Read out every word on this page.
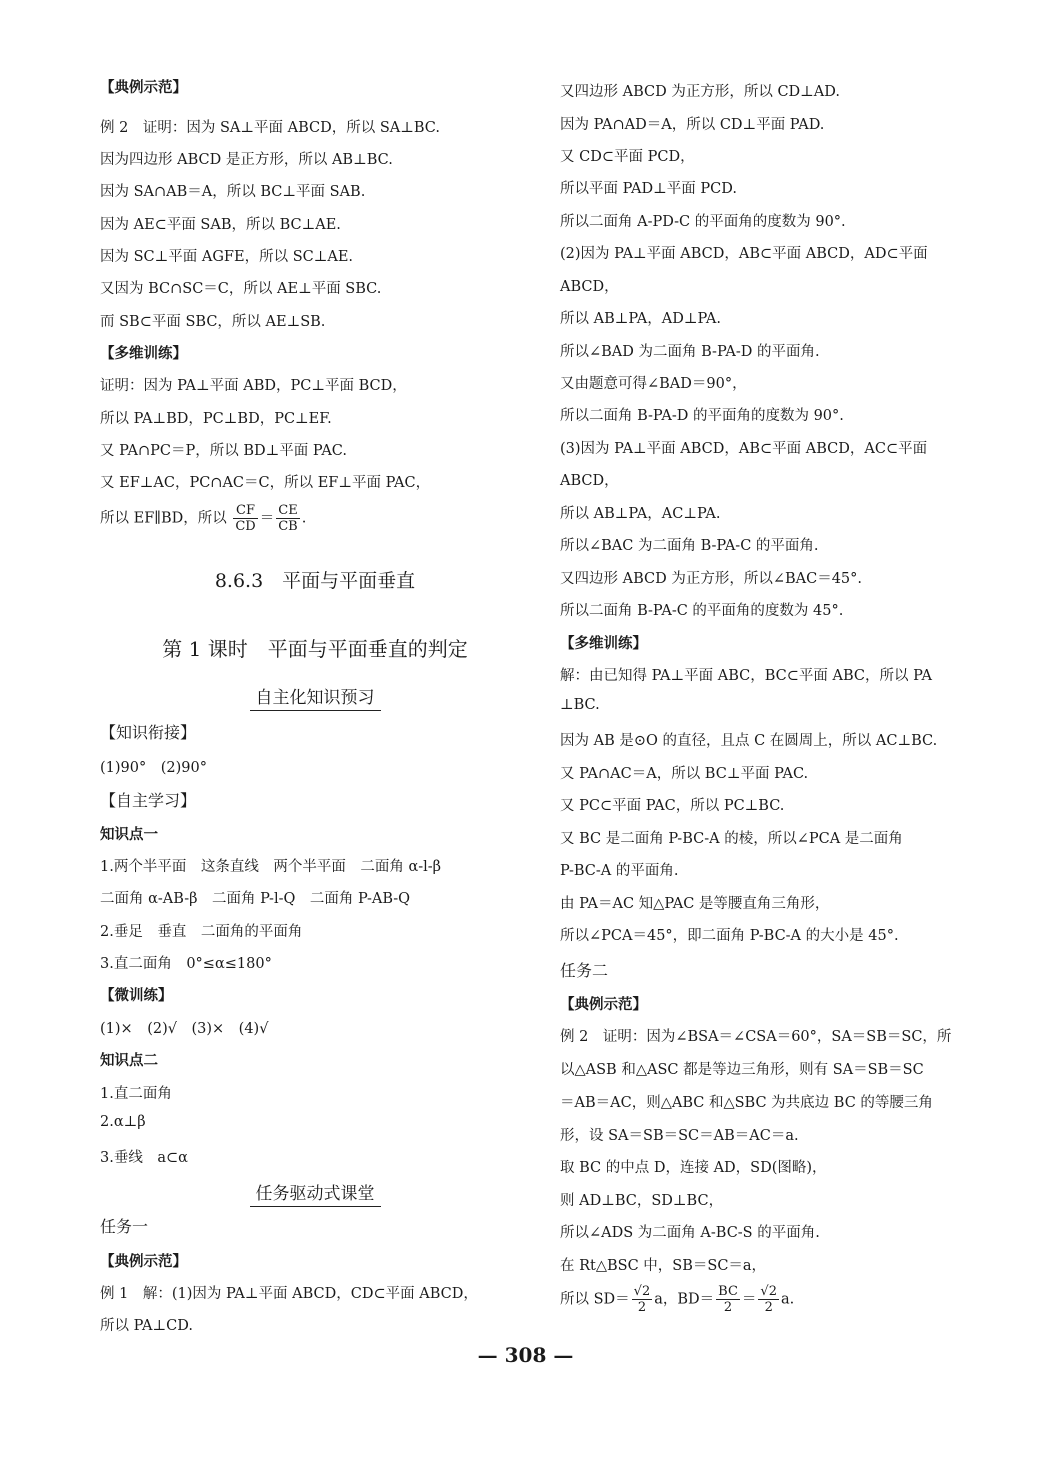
【典例示范】
例 2　证明：因为 SA⊥平面 ABCD，所以 SA⊥BC.
因为四边形 ABCD 是正方形，所以 AB⊥BC.
因为 SA∩AB＝A，所以 BC⊥平面 SAB.
因为 AE⊂平面 SAB，所以 BC⊥AE.
因为 SC⊥平面 AGFE，所以 SC⊥AE.
又因为 BC∩SC＝C，所以 AE⊥平面 SBC.
而 SB⊂平面 SBC，所以 AE⊥SB.
【多维训练】
证明：因为 PA⊥平面 ABD，PC⊥平面 BCD，
所以 PA⊥BD，PC⊥BD，PC⊥EF.
又 PA∩PC＝P，所以 BD⊥平面 PAC.
又 EF⊥AC，PC∩AC＝C，所以 EF⊥平面 PAC，
所以 EF∥BD，所以 $\frac{CF}{CD} = \frac{CE}{CB}$ .
8.6.3　平面与平面垂直
第 1 课时　平面与平面垂直的判定
自主化知识预习
【知识衔接】
(1)90°　(2)90°
【自主学习】
知识点一
1.两个半平面　这条直线　两个半平面　二面角 α-l-β
二面角 α-AB-β　二面角 P-l-Q　二面角 P-AB-Q
2.垂足　垂直　二面角的平面角
3.直二面角　0°≤α≤180°
【微训练】
(1)×　(2)√　(3)×　(4)√
知识点二
1.直二面角
2.α⊥β
3.垂线　a⊂α
任务驱动式课堂
任务一
【典例示范】
例 1　解：(1)因为 PA⊥平面 ABCD，CD⊂平面 ABCD，
所以 PA⊥CD.
又四边形 ABCD 为正方形，所以 CD⊥AD.
因为 PA∩AD＝A，所以 CD⊥平面 PAD.
又 CD⊂平面 PCD，
所以平面 PAD⊥平面 PCD.
所以二面角 A-PD-C 的平面角的度数为 90°.
(2)因为 PA⊥平面 ABCD，AB⊂平面 ABCD，AD⊂平面
ABCD，
所以 AB⊥PA，AD⊥PA.
所以∠BAD 为二面角 B-PA-D 的平面角.
又由题意可得∠BAD＝90°，
所以二面角 B-PA-D 的平面角的度数为 90°.
(3)因为 PA⊥平面 ABCD，AB⊂平面 ABCD，AC⊂平面
ABCD，
所以 AB⊥PA，AC⊥PA.
所以∠BAC 为二面角 B-PA-C 的平面角.
又四边形 ABCD 为正方形，所以∠BAC＝45°.
所以二面角 B-PA-C 的平面角的度数为 45°.
【多维训练】
解：由已知得 PA⊥平面 ABC，BC⊂平面 ABC，所以 PA
⊥BC.
因为 AB 是⊙O 的直径，且点 C 在圆周上，所以 AC⊥BC.
又 PA∩AC＝A，所以 BC⊥平面 PAC.
又 PC⊂平面 PAC，所以 PC⊥BC.
又 BC 是二面角 P-BC-A 的棱，所以∠PCA 是二面角
P-BC-A 的平面角.
由 PA＝AC 知△PAC 是等腰直角三角形，
所以∠PCA＝45°，即二面角 P-BC-A 的大小是 45°.
任务二
【典例示范】
例 2　证明：因为∠BSA＝∠CSA＝60°，SA＝SB＝SC，所
以△ASB 和△ASC 都是等边三角形，则有 SA＝SB＝SC
＝AB＝AC，则△ABC 和△SBC 为共底边 BC 的等腰三角
形，设 SA＝SB＝SC＝AB＝AC＝a.
取 BC 的中点 D，连接 AD，SD(图略)，
则 AD⊥BC，SD⊥BC，
所以∠ADS 为二面角 A-BC-S 的平面角.
在 Rt△BSC 中，SB＝SC＝a，
所以 $SD= \frac{√2}{2}$ a，$BD= \frac{BC}{2} = \frac{√2}{2} a$.
— 308 —
